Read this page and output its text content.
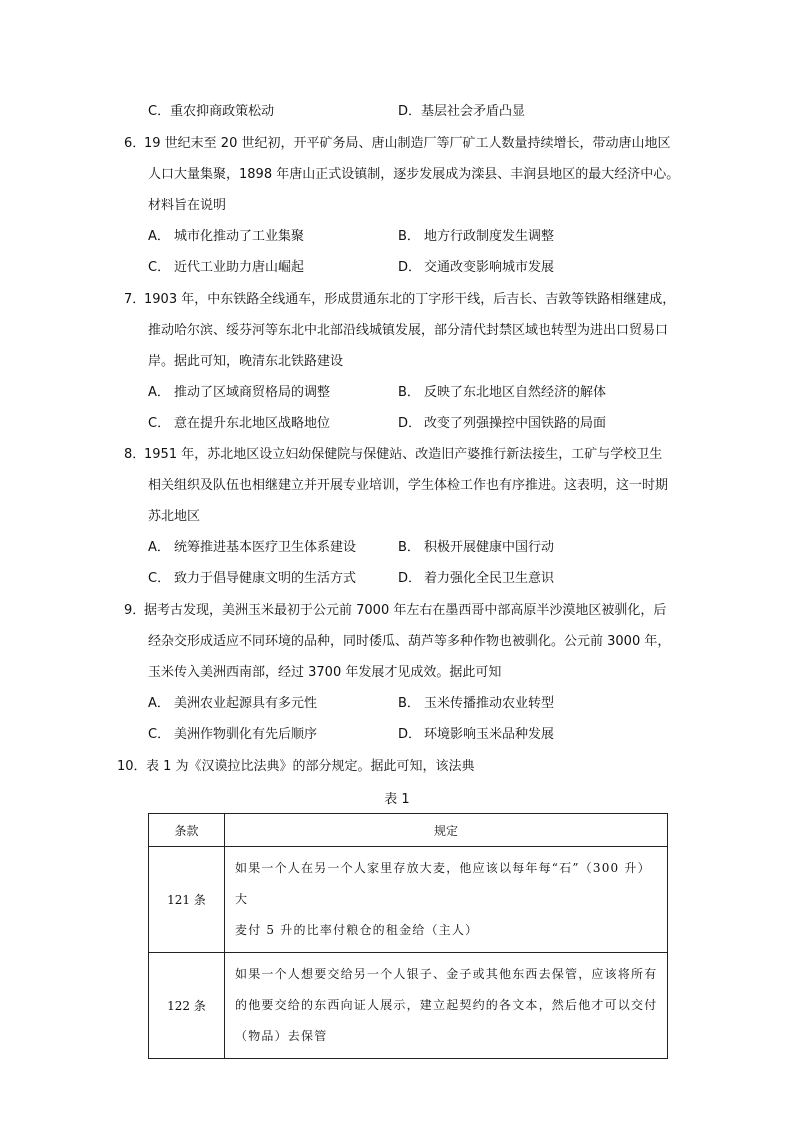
C．重农抑商政策松动	D．基层社会矛盾凸显
6．
19 世纪末至 20 世纪初，开平矿务局、唐山制造厂等厂矿工人数量持续增长，带动唐山地区
人口大量集聚，1898 年唐山正式设镇制，逐步发展成为滦县、丰润县地区的最大经济中心。
材料旨在说明
A． 城市化推动了工业集聚	B． 地方行政制度发生调整
C． 近代工业助力唐山崛起	D． 交通改变影响城市发展
7．
1903 年，中东铁路全线通车，形成贯通东北的丁字形干线，后吉长、吉敦等铁路相继建成，
推动哈尔滨、绥芬河等东北中北部沿线城镇发展，部分清代封禁区域也转型为进出口贸易口
岸。据此可知，晚清东北铁路建设
A． 推动了区域商贸格局的调整	B． 反映了东北地区自然经济的解体
C． 意在提升东北地区战略地位	D． 改变了列强操控中国铁路的局面
8．
1951 年，苏北地区设立妇幼保健院与保健站、改造旧产婆推行新法接生，工矿与学校卫生
相关组织及队伍也相继建立并开展专业培训，学生体检工作也有序推进。这表明，这一时期
苏北地区
A． 统筹推进基本医疗卫生体系建设	B． 积极开展健康中国行动
C． 致力于倡导健康文明的生活方式	D． 着力强化全民卫生意识
9．
据考古发现，美洲玉米最初于公元前 7000 年左右在墨西哥中部高原半沙漠地区被驯化，后
经杂交形成适应不同环境的品种，同时倭瓜、葫芦等多种作物也被驯化。公元前 3000 年，
玉米传入美洲西南部，经过 3700 年发展才见成效。据此可知
A． 美洲农业起源具有多元性	B． 玉米传播推动农业转型
C． 美洲作物驯化有先后顺序	D． 环境影响玉米品种发展
10． 表 1 为《汉谟拉比法典》的部分规定。据此可知，该法典
表 1
条款	规定
121 条	如果一个人在另一个人家里存放大麦，他应该以每年每“石”（300 升）大
麦付 5 升的比率付粮仓的租金给（主人）

122 条	如果一个人想要交给另一个人银子、金子或其他东西去保管，应该将所有
的他要交给的东西向证人展示，建立起契约的各文本，然后他才可以交付
（物品）去保管
